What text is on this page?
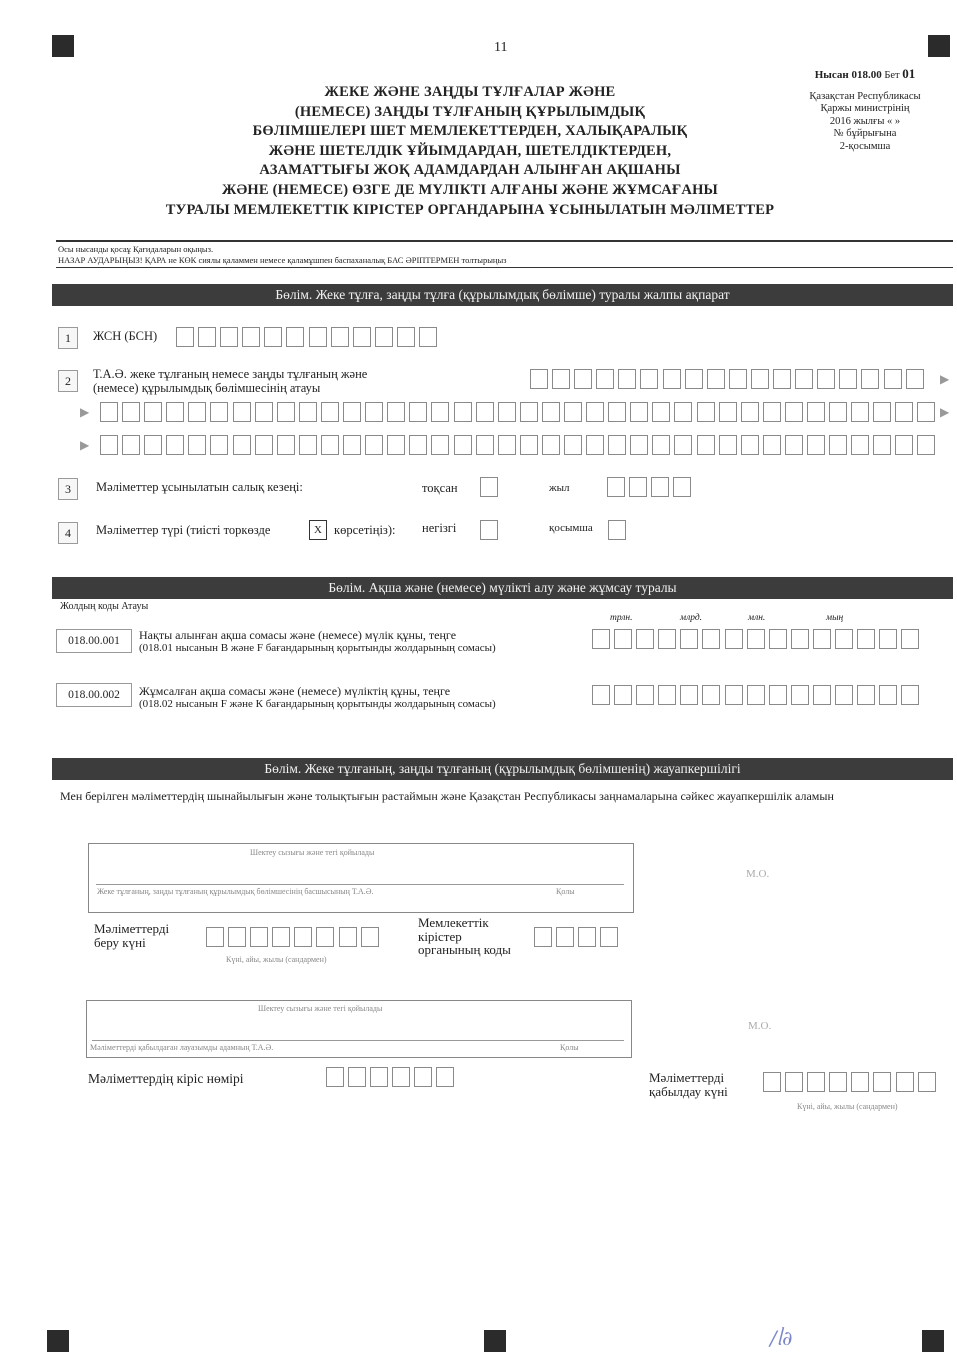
11
Нысан 018.00 Бет 01
Қазақстан Республикасы
Қаржы министрінің
2016 жылғы « »
№ бұйрығына
2-қосымша
ЖЕКЕ ЖӘНЕ ЗАҢДЫ ТҰЛҒАЛАР ЖӘНЕ
(НЕМЕСЕ) ЗАҢДЫ ТҰЛҒАНЫҢ ҚҰРЫЛЫМДЫҚ
БӨЛІМШЕЛЕРІ ШЕТ МЕМЛЕКЕТТЕРДЕН, ХАЛЫҚАРАЛЫҚ
ЖӘНЕ ШЕТЕЛДІК ҰЙЫМДАРДАН, ШЕТЕЛДІКТЕРДЕН,
АЗАМАТТЫҒЫ ЖОҚ АДАМДАРДАН АЛЫНҒАН АҚШАНЫ
ЖӘНЕ (НЕМЕСЕ) ӨЗГЕ ДЕ МҮЛІКТІ АЛҒАНЫ ЖӘНЕ ЖҰМСАҒАНЫ
ТУРАЛЫ МЕМЛЕКЕТТІК КІРІСТЕР ОРГАНДАРЫНА ҰСЫНЫЛАТЫН МӘЛІМЕТТЕР
Осы нысанды қосаұ Қағидаларын оқыңыз.
НАЗАР АУДАРЫҢЫЗ! ҚАРА не КӨК сиялы қаламмен немесе қаламұшпен баспаханалық БАС ӘРІПТЕРМЕН толтырыңыз
Бөлім. Жеке тұлға, заңды тұлға (құрылымдық бөлімше) туралы жалпы ақпарат
1	ЖСН (БСН)
2	Т.А.Ә. жеке тұлғаның немесе заңды тұлғаның және
(немесе) құрылымдық бөлімшесінің атауы
▶
▶	▶
▶
3	Мәліметтер ұсынылатын салық кезеңі:	тоқсан	жыл
4	Мәліметтер түрі (тиісті торкөзде	X көрсетіңіз): негізгі	қосымша
Бөлім. Ақша және (немесе) мүлікті алу және жұмсау туралы
Жолдың коды Атауы
трлн.	млрд.	млн.	мың
018.00.001	Нақты алынған ақша сомасы және (немесе) мүлік құны, теңге
(018.01 нысанын В және F бағандарының қорытынды жолдарының сомасы)
018.00.002	Жұмсалған ақша сомасы және (немесе) мүліктің құны, теңге
(018.02 нысанын F және К бағандарының қорытынды жолдарының сомасы)
Бөлім. Жеке тұлғаның, заңды тұлғаның (құрылымдық бөлімшенің) жауапкершілігі
Мен берілген мәліметтердің шынайылығын және толықтығын растаймын және Қазақстан Республикасы заңнамаларына сәйкес жауапкершілік аламын
Шектеу сызығы және тегі қойылады
Жеке тұлғаның, заңды тұлғаның құрылымдық бөлімшесінің басшысының Т.А.Ә.	Қолы
М.О.
Мәліметтерді
беру күні
Күні, айы, жылы (сандармен)
Мемлекеттік
кірістер
органының коды
Шектеу сызығы және тегі қойылады
Мәліметтерді қабылдаған лауазымды адамның Т.А.Ә.	Қолы
М.О.
Мәліметтердің кіріс нөмірі	Мәліметтерді
қабылдау күні
Күні, айы, жылы (сандармен)
/ᥣ∂
